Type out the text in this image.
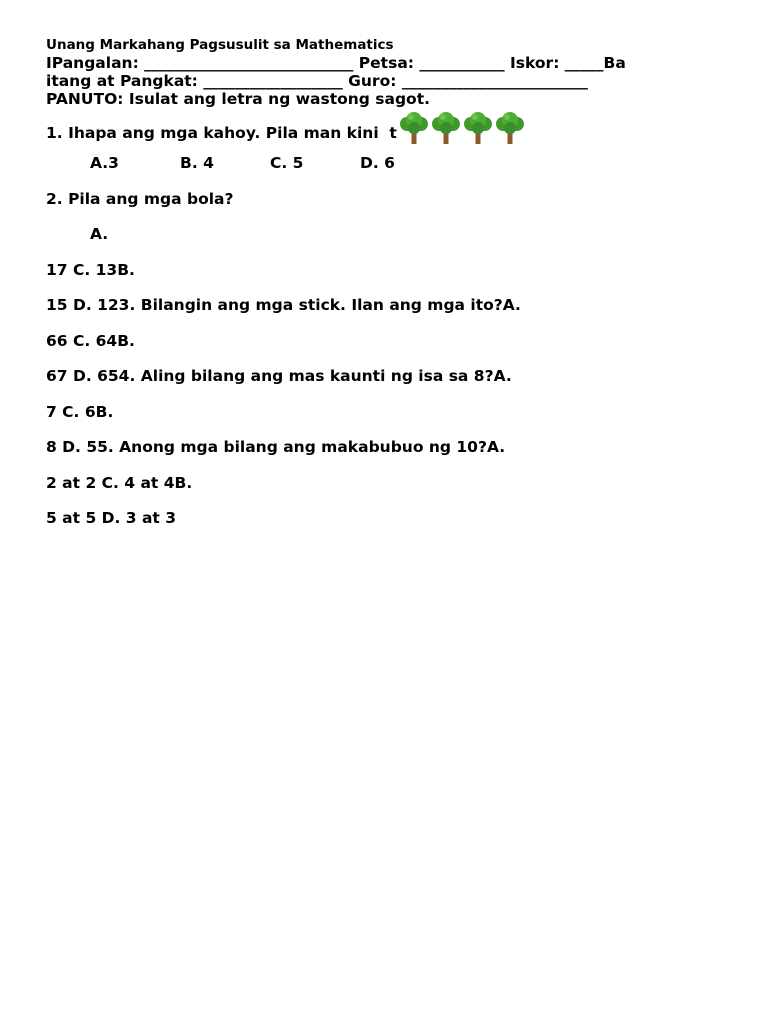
Unang Markahang Pagsusulit sa Mathematics
IPangalan: ___________________________ Petsa: ___________ Iskor: _____Ba
itang at Pangkat: __________________ Guro: ________________________
PANUTO: Isulat ang letra ng wastong sagot.
1. Ihapa ang mga kahoy. Pila man kini  t
A.3	B. 4	C. 5	D. 6
2. Pila ang mga bola?
A.
17 C. 13B.
15 D. 123. Bilangin ang mga stick. Ilan ang mga ito?A.
66 C. 64B.
67 D. 654. Aling bilang ang mas kaunti ng isa sa 8?A.
7 C. 6B.
8 D. 55. Anong mga bilang ang makabubuo ng 10?A.
2 at 2 C. 4 at 4B.
5 at 5 D. 3 at 3
